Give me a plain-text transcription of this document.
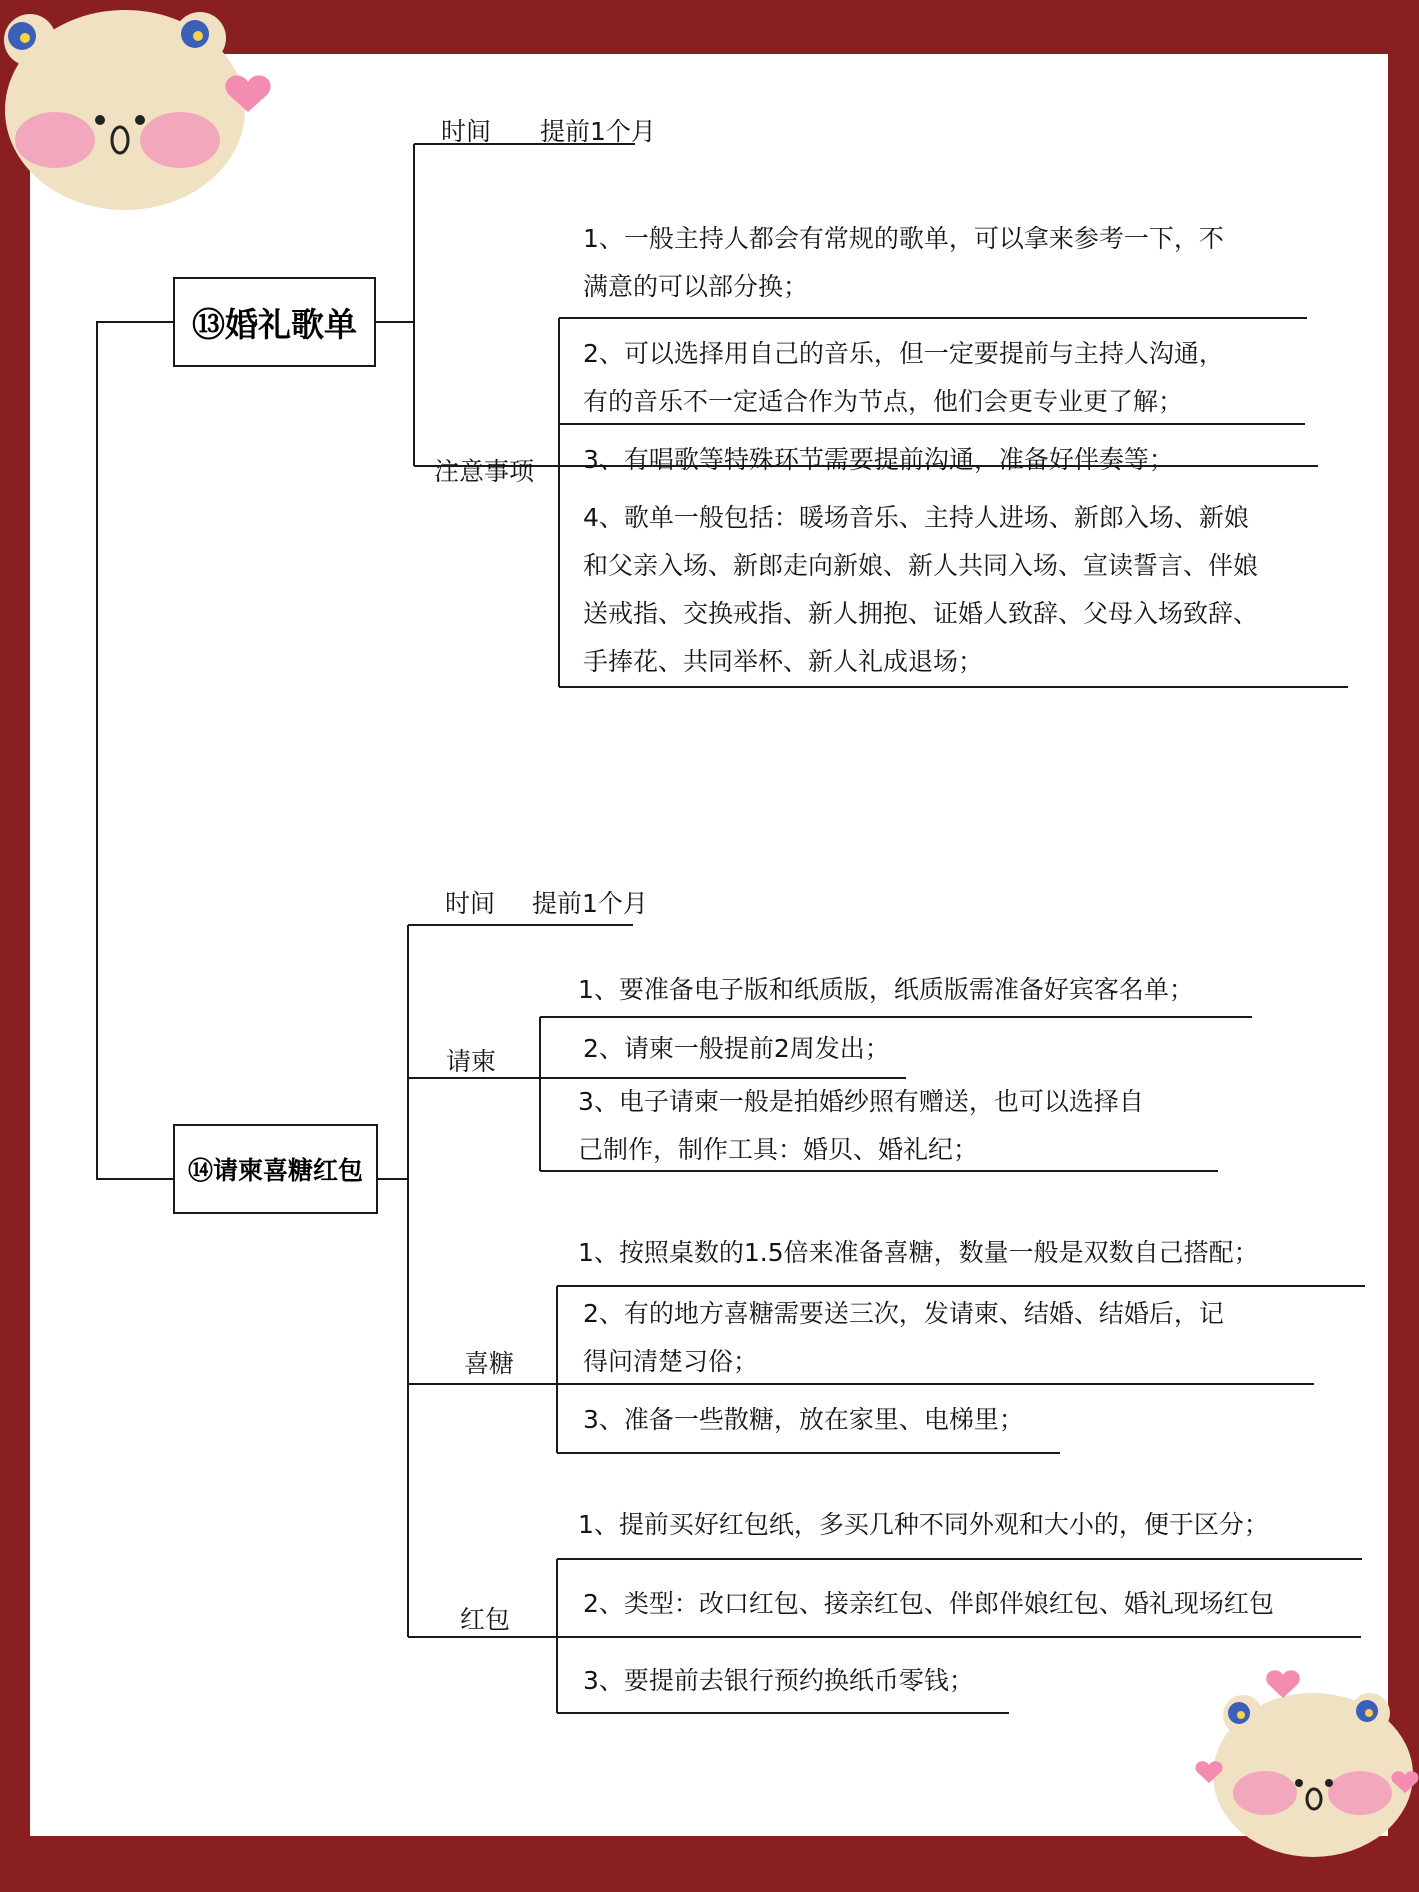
⑬婚礼歌单
时间 提前1个月
注意事项
1、一般主持人都会有常规的歌单，可以拿来参考一下，不
满意的可以部分换；
2、可以选择用自己的音乐，但一定要提前与主持人沟通，
有的音乐不一定适合作为节点，他们会更专业更了解；
3、有唱歌等特殊环节需要提前沟通，准备好伴奏等；
4、歌单一般包括：暖场音乐、主持人进场、新郎入场、新娘
和父亲入场、新郎走向新娘、新人共同入场、宣读誓言、伴娘
送戒指、交换戒指、新人拥抱、证婚人致辞、父母入场致辞、
手捧花、共同举杯、新人礼成退场；
⑭请柬喜糖红包
时间 提前1个月
请柬
1、要准备电子版和纸质版，纸质版需准备好宾客名单；
2、请柬一般提前2周发出；
3、电子请柬一般是拍婚纱照有赠送，也可以选择自
己制作，制作工具：婚贝、婚礼纪；
喜糖
1、按照桌数的1.5倍来准备喜糖，数量一般是双数自己搭配；
2、有的地方喜糖需要送三次，发请柬、结婚、结婚后，记
得问清楚习俗；
3、准备一些散糖，放在家里、电梯里；
红包
1、提前买好红包纸，多买几种不同外观和大小的，便于区分；
2、类型：改口红包、接亲红包、伴郎伴娘红包、婚礼现场红包
3、要提前去银行预约换纸币零钱；
